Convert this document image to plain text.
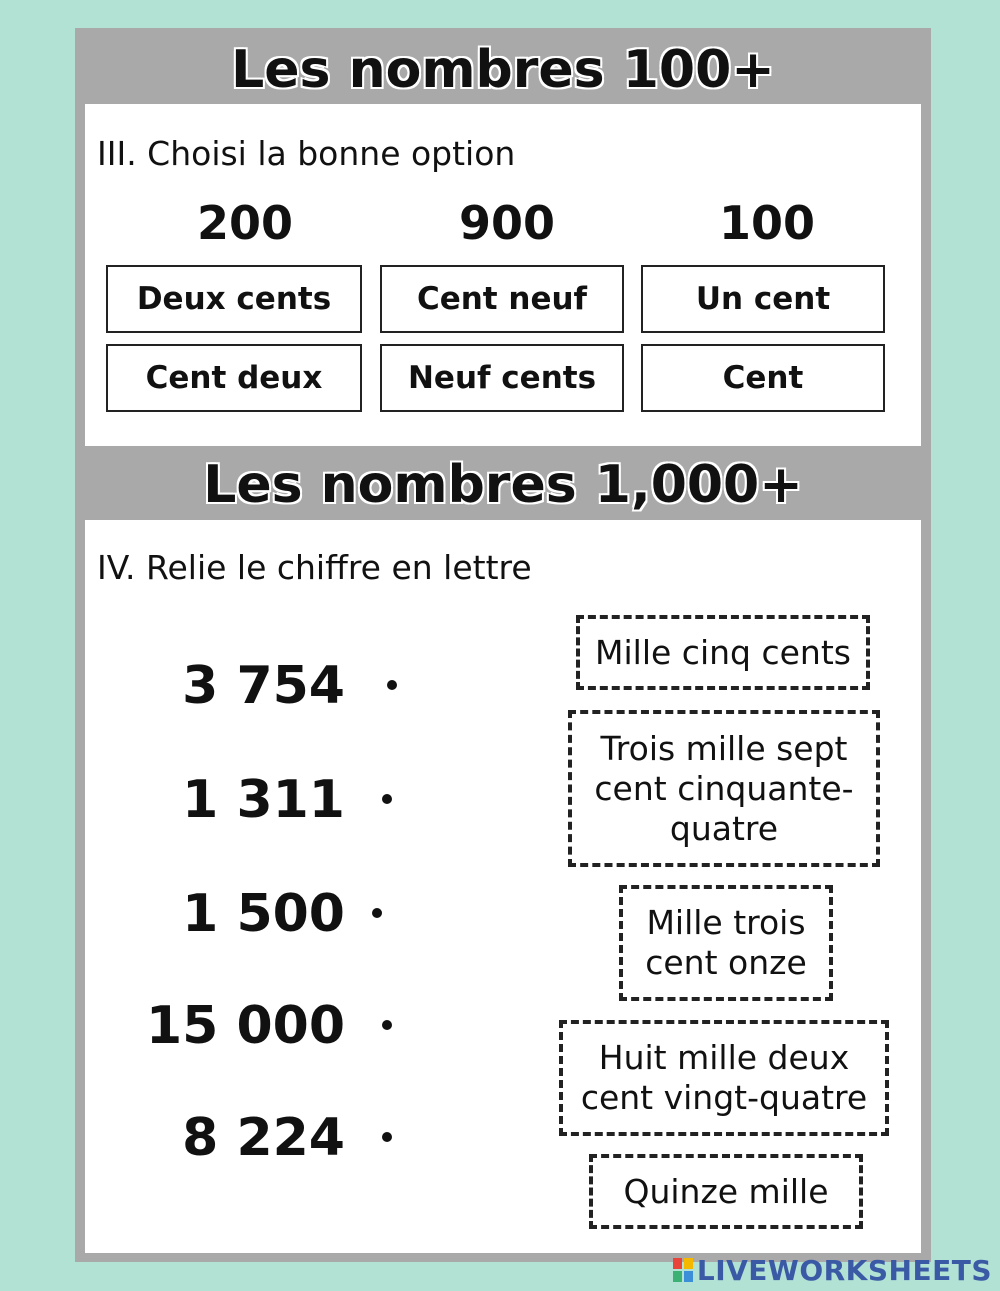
Les nombres 100+
III. Choisi la bonne option
200	900	100
Deux cents
Cent deux
Cent neuf
Neuf cents
Un cent
Cent
Les nombres 1,000+
IV. Relie le chiffre en lettre
3 754
1 311
1 500
15 000
8 224
Mille cinq cents
Trois mille sept cent cinquante-quatre
Mille trois cent onze
Huit mille deux cent vingt-quatre
Quinze mille
LIVEWORKSHEETS
